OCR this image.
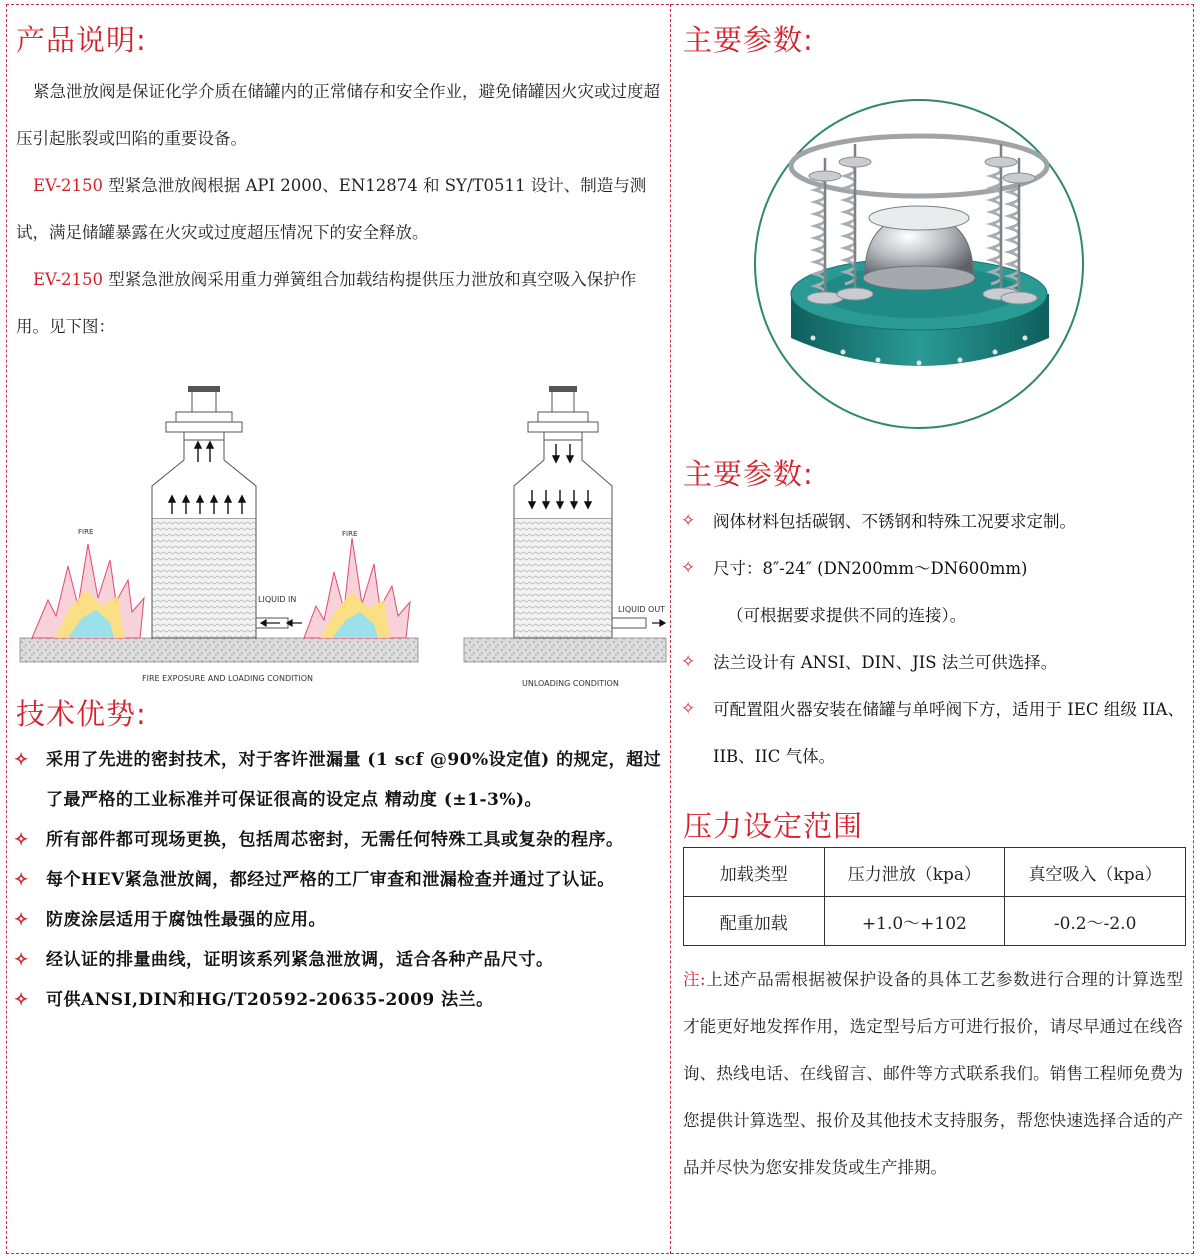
产品说明:

紧急泄放阀是保证化学介质在储罐内的正常储存和安全作业，避免储罐因火灾或过度超压引起胀裂或凹陷的重要设备。

EV-2150 型紧急泄放阀根据 API 2000、EN12874 和 SY/T0511 设计、制造与测试，满足储罐暴露在火灾或过度超压情况下的安全释放。

EV-2150 型紧急泄放阀采用重力弹簧组合加载结构提供压力泄放和真空吸入保护作用。见下图：

LIQUID IN
FIRE	FIRE
LIQUID OUT
FIRE EXPOSURE AND LOADING CONDITION
UNLOADING CONDITION
技术优势:
✧ 采用了先进的密封技术，对于客许泄漏量 (1 scf @90%设定值) 的规定，超过了最严格的工业标准并可保证很高的设定点 精动度 (±1-3%)。
✧ 所有部件都可现场更换，包括周芯密封，无需任何特殊工具或复杂的程序。
✧ 每个HEV紧急泄放阔，都经过严格的工厂审查和泄漏检查并通过了认证。
✧ 防废涂层适用于腐蚀性最强的应用。
✧ 经认证的排量曲线，证明该系列紧急泄放调，适合各种产品尺寸。
✧ 可供ANSI,DIN和HG/T20592-20635-2009 法兰。
主要参数:
主要参数:
✧ 阀体材料包括碳钢、不锈钢和特殊工况要求定制。
✧ 尺寸：8″-24″ (DN200mm～DN600mm)
（可根据要求提供不同的连接）。
✧ 法兰设计有 ANSI、DIN、JIS 法兰可供选择。
✧ 可配置阻火器安装在储罐与单呼阀下方，适用于 IEC 组级 IIA、IIB、IIC 气体。
压力设定范围
加载类型	压力泄放（kpa）	真空吸入（kpa）
配重加载	+1.0～+102	-0.2～-2.0

注:上述产品需根据被保护设备的具体工艺参数进行合理的计算选型才能更好地发挥作用，选定型号后方可进行报价，请尽早通过在线咨询、热线电话、在线留言、邮件等方式联系我们。销售工程师免费为您提供计算选型、报价及其他技术支持服务，帮您快速选择合适的产品并尽快为您安排发货或生产排期。
